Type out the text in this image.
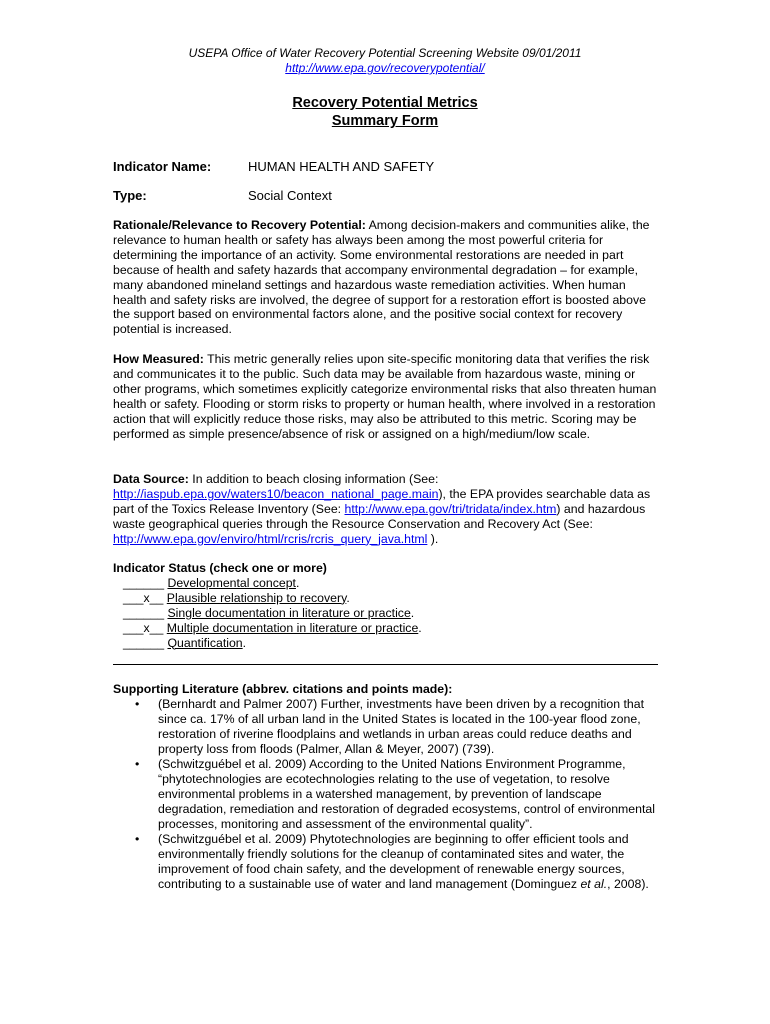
USEPA Office of Water Recovery Potential Screening Website 09/01/2011
http://www.epa.gov/recoverypotential/
Recovery Potential Metrics
Summary Form
Indicator Name:	HUMAN HEALTH AND SAFETY
Type:	Social Context
Rationale/Relevance to Recovery Potential: Among decision-makers and communities alike, the relevance to human health or safety has always been among the most powerful criteria for determining the importance of an activity. Some environmental restorations are needed in part because of health and safety hazards that accompany environmental degradation – for example, many abandoned mineland settings and hazardous waste remediation activities. When human health and safety risks are involved, the degree of support for a restoration effort is boosted above the support based on environmental factors alone, and the positive social context for recovery potential is increased.
How Measured: This metric generally relies upon site-specific monitoring data that verifies the risk and communicates it to the public. Such data may be available from hazardous waste, mining or other programs, which sometimes explicitly categorize environmental risks that also threaten human health or safety. Flooding or storm risks to property or human health, where involved in a restoration action that will explicitly reduce those risks, may also be attributed to this metric. Scoring may be performed as simple presence/absence of risk or assigned on a high/medium/low scale.
Data Source: In addition to beach closing information (See: http://iaspub.epa.gov/waters10/beacon_national_page.main), the EPA provides searchable data as part of the Toxics Release Inventory (See: http://www.epa.gov/tri/tridata/index.htm) and hazardous waste geographical queries through the Resource Conservation and Recovery Act (See: http://www.epa.gov/enviro/html/rcris/rcris_query_java.html ).
Indicator Status (check one or more)
______ Developmental concept.
___x__ Plausible relationship to recovery.
______ Single documentation in literature or practice.
___x__ Multiple documentation in literature or practice.
______ Quantification.
Supporting Literature (abbrev. citations and points made):
• (Bernhardt and Palmer 2007) Further, investments have been driven by a recognition that since ca. 17% of all urban land in the United States is located in the 100-year flood zone, restoration of riverine floodplains and wetlands in urban areas could reduce deaths and property loss from floods (Palmer, Allan & Meyer, 2007) (739).
• (Schwitzguébel et al. 2009) According to the United Nations Environment Programme, “phytotechnologies are ecotechnologies relating to the use of vegetation, to resolve environmental problems in a watershed management, by prevention of landscape degradation, remediation and restoration of degraded ecosystems, control of environmental processes, monitoring and assessment of the environmental quality”.
• (Schwitzguébel et al. 2009) Phytotechnologies are beginning to offer efficient tools and environmentally friendly solutions for the cleanup of contaminated sites and water, the improvement of food chain safety, and the development of renewable energy sources, contributing to a sustainable use of water and land management (Dominguez et al., 2008).
